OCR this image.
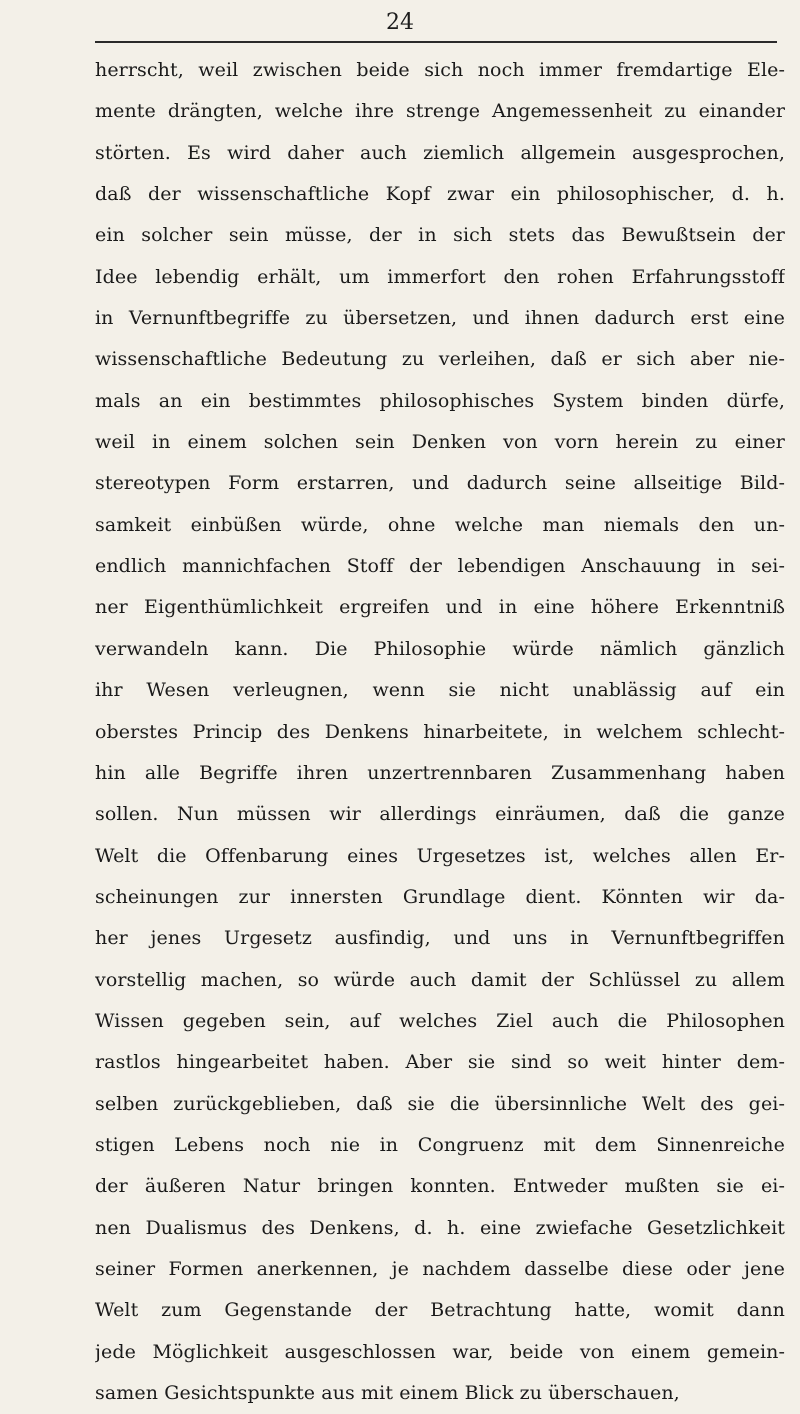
24
herrscht, weil zwischen beide sich noch immer fremdartige Ele-
mente drängten, welche ihre strenge Angemessenheit zu einander
störten. Es wird daher auch ziemlich allgemein ausgesprochen,
daß der wissenschaftliche Kopf zwar ein philosophischer, d. h.
ein solcher sein müsse, der in sich stets das Bewußtsein der
Idee lebendig erhält, um immerfort den rohen Erfahrungsstoff
in Vernunftbegriffe zu übersetzen, und ihnen dadurch erst eine
wissenschaftliche Bedeutung zu verleihen, daß er sich aber nie-
mals an ein bestimmtes philosophisches System binden dürfe,
weil in einem solchen sein Denken von vorn herein zu einer
stereotypen Form erstarren, und dadurch seine allseitige Bild-
samkeit einbüßen würde, ohne welche man niemals den un-
endlich mannichfachen Stoff der lebendigen Anschauung in sei-
ner Eigenthümlichkeit ergreifen und in eine höhere Erkenntniß
verwandeln kann. Die Philosophie würde nämlich gänzlich
ihr Wesen verleugnen, wenn sie nicht unablässig auf ein
oberstes Princip des Denkens hinarbeitete, in welchem schlecht-
hin alle Begriffe ihren unzertrennbaren Zusammenhang haben
sollen. Nun müssen wir allerdings einräumen, daß die ganze
Welt die Offenbarung eines Urgesetzes ist, welches allen Er-
scheinungen zur innersten Grundlage dient. Könnten wir da-
her jenes Urgesetz ausfindig, und uns in Vernunftbegriffen
vorstellig machen, so würde auch damit der Schlüssel zu allem
Wissen gegeben sein, auf welches Ziel auch die Philosophen
rastlos hingearbeitet haben. Aber sie sind so weit hinter dem-
selben zurückgeblieben, daß sie die übersinnliche Welt des gei-
stigen Lebens noch nie in Congruenz mit dem Sinnenreiche
der äußeren Natur bringen konnten. Entweder mußten sie ei-
nen Dualismus des Denkens, d. h. eine zwiefache Gesetzlichkeit
seiner Formen anerkennen, je nachdem dasselbe diese oder jene
Welt zum Gegenstande der Betrachtung hatte, womit dann
jede Möglichkeit ausgeschlossen war, beide von einem gemein-
samen Gesichtspunkte aus mit einem Blick zu überschauen,
